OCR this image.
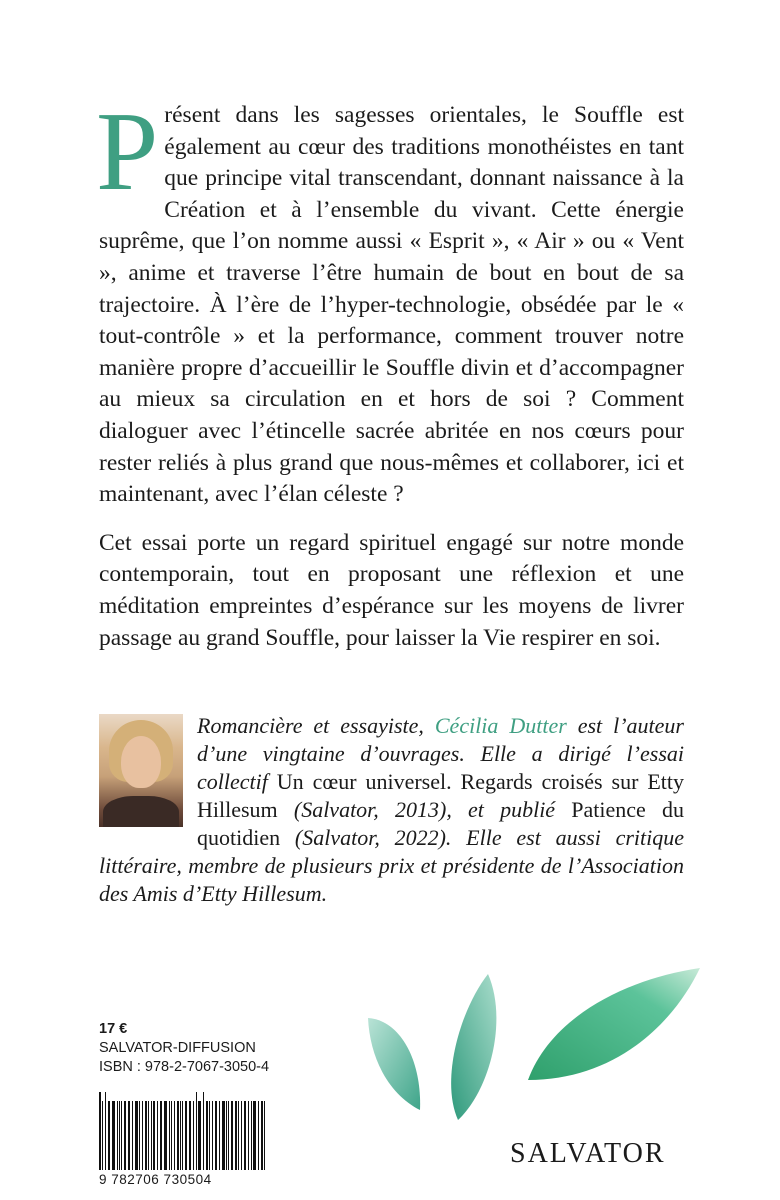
Présent dans les sagesses orientales, le Souffle est également au cœur des traditions monothéistes en tant que principe vital transcendant, donnant naissance à la Création et à l’ensemble du vivant. Cette énergie suprême, que l’on nomme aussi « Esprit », « Air » ou « Vent », anime et traverse l’être humain de bout en bout de sa trajectoire. À l’ère de l’hyper-technologie, obsédée par le « tout-contrôle » et la performance, comment trouver notre manière propre d’accueillir le Souffle divin et d’accompagner au mieux sa circulation en et hors de soi ? Comment dialoguer avec l’étincelle sacrée abritée en nos cœurs pour rester reliés à plus grand que nous-mêmes et collaborer, ici et maintenant, avec l’élan céleste ?

Cet essai porte un regard spirituel engagé sur notre monde contemporain, tout en proposant une réflexion et une méditation empreintes d’espérance sur les moyens de livrer passage au grand Souffle, pour laisser la Vie respirer en soi.

Romancière et essayiste, Cécilia Dutter est l’auteur d’une vingtaine d’ouvrages. Elle a dirigé l’essai collectif Un cœur universel. Regards croisés sur Etty Hillesum (Salvator, 2013), et publié Patience du quotidien (Salvator, 2022). Elle est aussi critique littéraire, membre de plusieurs prix et présidente de l’Association des Amis d’Etty Hillesum.

17 €
SALVATOR-DIFFUSION
ISBN : 978-2-7067-3050-4
9 782706 730504
SALVATOR
